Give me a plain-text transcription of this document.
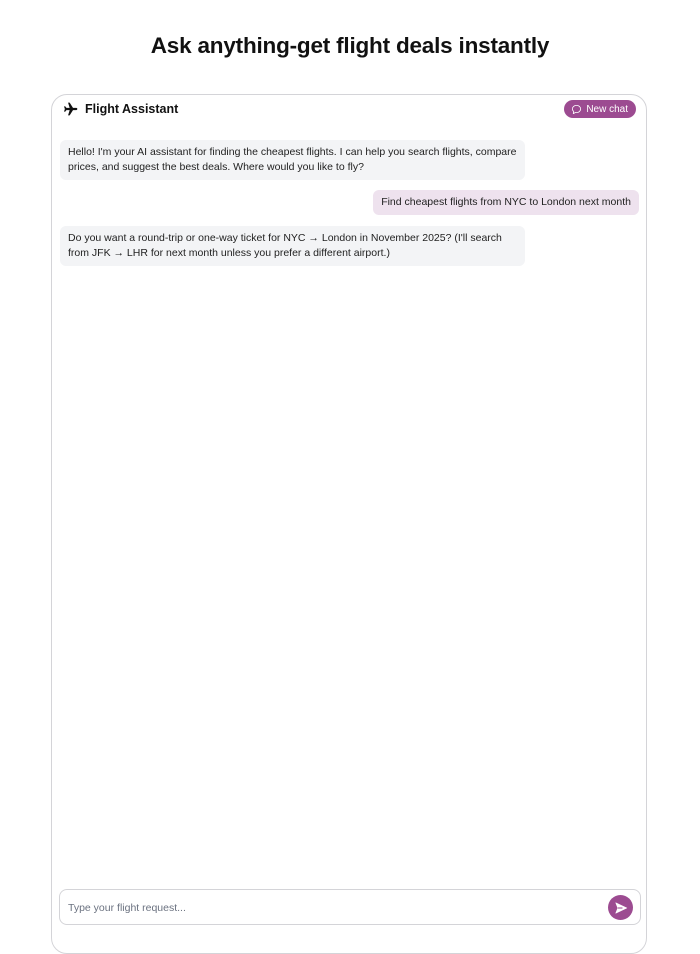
Ask anything-get flight deals instantly
Flight Assistant	New chat
Hello! I'm your AI assistant for finding the cheapest flights. I can help you search flights, compare prices, and suggest the best deals. Where would you like to fly?
Find cheapest flights from NYC to London next month
Do you want a round-trip or one-way ticket for NYC → London in November 2025? (I'll search from JFK → LHR for next month unless you prefer a different airport.)
Type your flight request...
